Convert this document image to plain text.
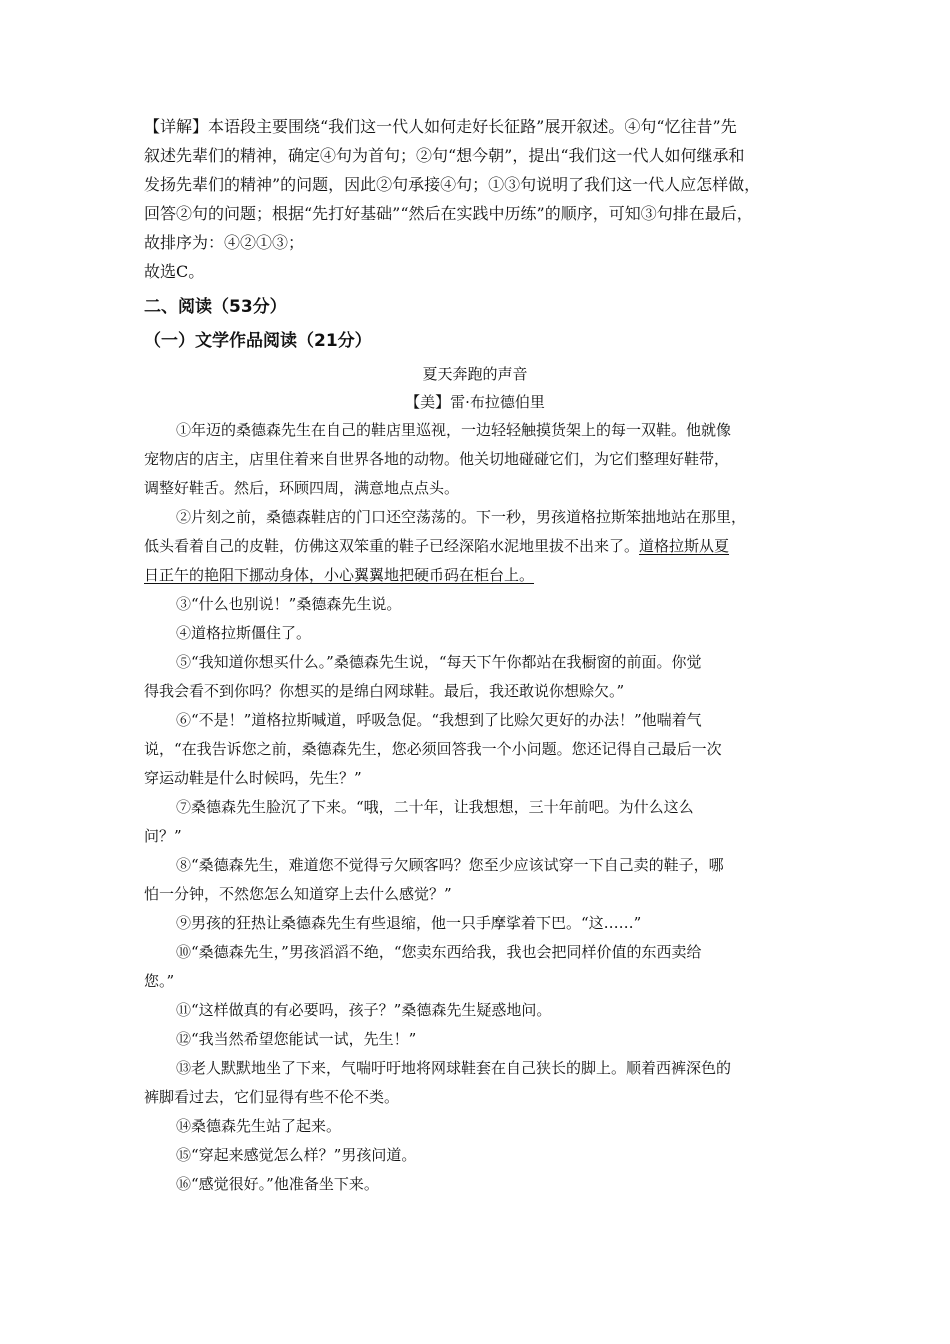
【详解】本语段主要围绕“我们这一代人如何走好长征路”展开叙述。④句“忆往昔”先
叙述先辈们的精神，确定④句为首句；②句“想今朝”，提出“我们这一代人如何继承和
发扬先辈们的精神”的问题，因此②句承接④句；①③句说明了我们这一代人应怎样做，
回答②句的问题；根据“先打好基础”“然后在实践中历练”的顺序，可知③句排在最后，
故排序为：④②①③；

故选C。

二、阅读（53分）
（一）文学作品阅读（21分）
夏天奔跑的声音
【美】雷·布拉德伯里
①年迈的桑德森先生在自己的鞋店里巡视，一边轻轻触摸货架上的每一双鞋。他就像
宠物店的店主，店里住着来自世界各地的动物。他关切地碰碰它们，为它们整理好鞋带，
调整好鞋舌。然后，环顾四周，满意地点点头。
②片刻之前，桑德森鞋店的门口还空荡荡的。下一秒，男孩道格拉斯笨拙地站在那里，
低头看着自己的皮鞋，仿佛这双笨重的鞋子已经深陷水泥地里拔不出来了。道格拉斯从夏
日正午的艳阳下挪动身体，小心翼翼地把硬币码在柜台上。
③“什么也别说！”桑德森先生说。
④道格拉斯僵住了。
⑤“我知道你想买什么。”桑德森先生说，“每天下午你都站在我橱窗的前面。你觉
得我会看不到你吗？你想买的是绵白网球鞋。最后，我还敢说你想赊欠。”
⑥“不是！”道格拉斯喊道，呼吸急促。“我想到了比赊欠更好的办法！”他喘着气
说，“在我告诉您之前，桑德森先生，您必须回答我一个小问题。您还记得自己最后一次
穿运动鞋是什么时候吗，先生？”
⑦桑德森先生脸沉了下来。“哦，二十年，让我想想，三十年前吧。为什么这么
问？”
⑧“桑德森先生，难道您不觉得亏欠顾客吗？您至少应该试穿一下自己卖的鞋子，哪
怕一分钟，不然您怎么知道穿上去什么感觉？”
⑨男孩的狂热让桑德森先生有些退缩，他一只手摩挲着下巴。“这……”
⑩“桑德森先生，”男孩滔滔不绝，“您卖东西给我，我也会把同样价值的东西卖给
您。”
⑪“这样做真的有必要吗，孩子？”桑德森先生疑惑地问。
⑫“我当然希望您能试一试，先生！”
⑬老人默默地坐了下来，气喘吁吁地将网球鞋套在自己狭长的脚上。顺着西裤深色的
裤脚看过去，它们显得有些不伦不类。
⑭桑德森先生站了起来。
⑮“穿起来感觉怎么样？”男孩问道。
⑯“感觉很好。”他准备坐下来。
